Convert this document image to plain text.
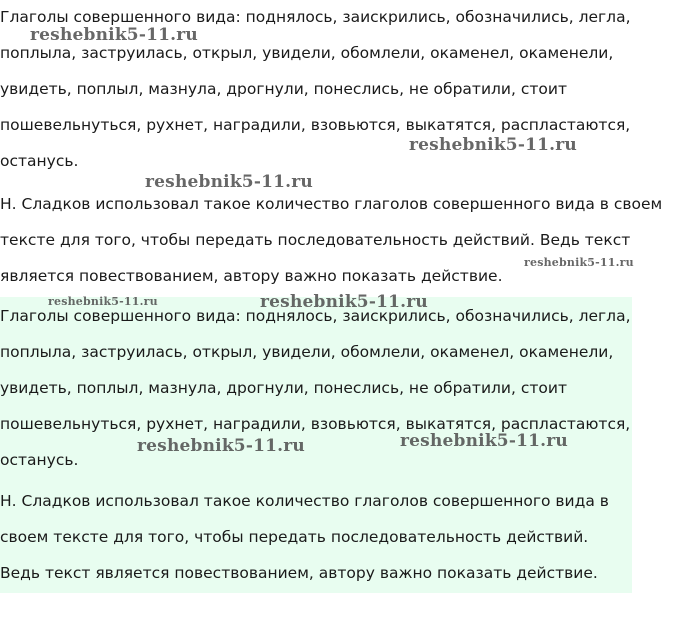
Глаголы совершенного вида: поднялось, заискрились, обозначились, легла, поплыла, заструилась, открыл, увидели, обомлели, окаменел, окаменели, увидеть, поплыл, мазнула, дрогнули, понеслись, не обратили, стоит пошевельнуться, рухнет, наградили, взовьются, выкатятся, распластаются, останусь.

Н. Сладков использовал такое количество глаголов совершенного вида в своем тексте для того, чтобы передать последовательность действий. Ведь текст является повествованием, автору важно показать действие.

Глаголы совершенного вида: поднялось, заискрились, обозначились, легла, поплыла, заструилась, открыл, увидели, обомлели, окаменел, окаменели, увидеть, поплыл, мазнула, дрогнули, понеслись, не обратили, стоит пошевельнуться, рухнет, наградили, взовьются, выкатятся, распластаются, останусь.

Н. Сладков использовал такое количество глаголов совершенного вида в своем тексте для того, чтобы передать последовательность действий. Ведь текст является повествованием, автору важно показать действие.

reshebnik5-11.ru
reshebnik5-11.ru
reshebnik5-11.ru
reshebnik5-11.ru
reshebnik5-11.ru	reshebnik5-11.ru
reshebnik5-11.ru
reshebnik5-11.ru
